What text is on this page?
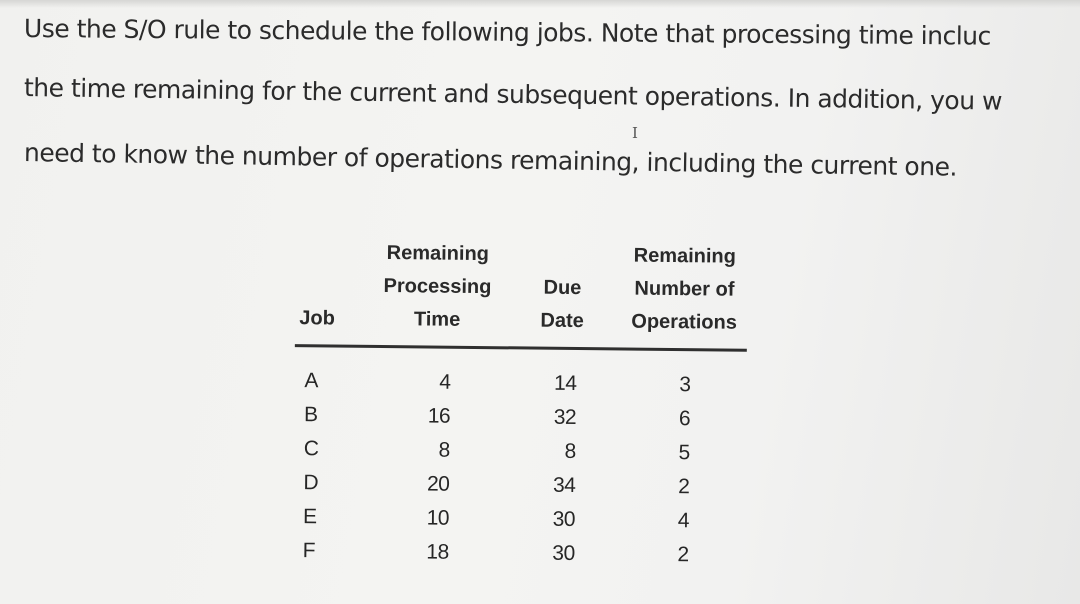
Use the S/O rule to schedule the following jobs. Note that processing time incluc
the time remaining for the current and subsequent operations. In addition, you w
need to know the number of operations remaining, including the current one.
I
Job
Remaining
Processing
Time
Due
Date
Remaining
Number of
Operations
A
B
C
D
E
F
4
16
8
20
10
18
14
32
8
34
30
30
3
6
5
2
4
2
